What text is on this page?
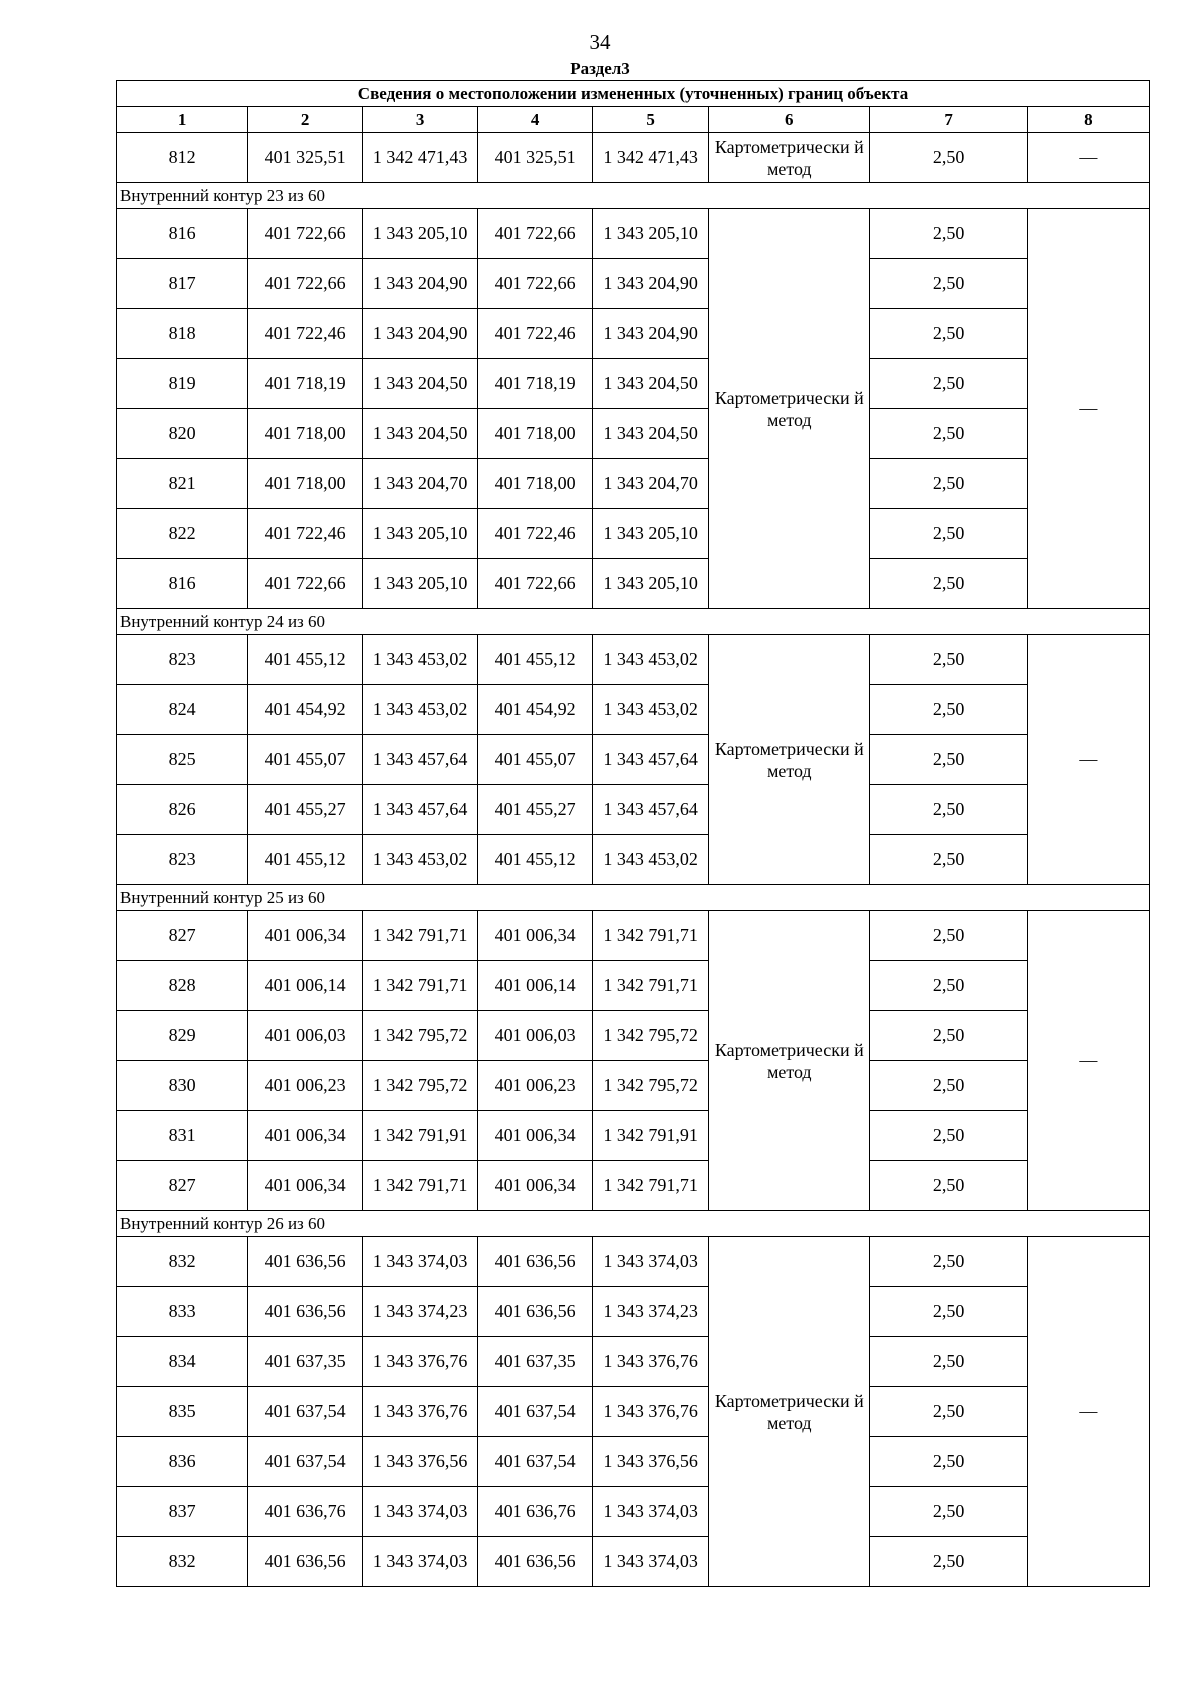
34
Раздел3
Сведения о местоположении измененных (уточненных) границ объекта							
1	2	3	4	5	6	7	8
812	401 325,51	1 342 471,43	401 325,51	1 342 471,43	Картометрически й метод	2,50	—
Внутренний контур 23 из 60							
816	401 722,66	1 343 205,10	401 722,66	1 343 205,10	Картометрически й метод	2,50	—
817	401 722,66	1 343 204,90	401 722,66	1 343 204,90		2,50	
818	401 722,46	1 343 204,90	401 722,46	1 343 204,90		2,50	
819	401 718,19	1 343 204,50	401 718,19	1 343 204,50		2,50	
820	401 718,00	1 343 204,50	401 718,00	1 343 204,50		2,50	
821	401 718,00	1 343 204,70	401 718,00	1 343 204,70		2,50	
822	401 722,46	1 343 205,10	401 722,46	1 343 205,10		2,50	
816	401 722,66	1 343 205,10	401 722,66	1 343 205,10		2,50	
Внутренний контур 24 из 60							
823	401 455,12	1 343 453,02	401 455,12	1 343 453,02	Картометрически й метод	2,50	—
824	401 454,92	1 343 453,02	401 454,92	1 343 453,02		2,50	
825	401 455,07	1 343 457,64	401 455,07	1 343 457,64		2,50	
826	401 455,27	1 343 457,64	401 455,27	1 343 457,64		2,50	
823	401 455,12	1 343 453,02	401 455,12	1 343 453,02		2,50	
Внутренний контур 25 из 60							
827	401 006,34	1 342 791,71	401 006,34	1 342 791,71	Картометрически й метод	2,50	—
828	401 006,14	1 342 791,71	401 006,14	1 342 791,71		2,50	
829	401 006,03	1 342 795,72	401 006,03	1 342 795,72		2,50	
830	401 006,23	1 342 795,72	401 006,23	1 342 795,72		2,50	
831	401 006,34	1 342 791,91	401 006,34	1 342 791,91		2,50	
827	401 006,34	1 342 791,71	401 006,34	1 342 791,71		2,50	
Внутренний контур 26 из 60							
832	401 636,56	1 343 374,03	401 636,56	1 343 374,03	Картометрически й метод	2,50	—
833	401 636,56	1 343 374,23	401 636,56	1 343 374,23		2,50	
834	401 637,35	1 343 376,76	401 637,35	1 343 376,76		2,50	
835	401 637,54	1 343 376,76	401 637,54	1 343 376,76		2,50	
836	401 637,54	1 343 376,56	401 637,54	1 343 376,56		2,50	
837	401 636,76	1 343 374,03	401 636,76	1 343 374,03		2,50	
832	401 636,56	1 343 374,03	401 636,56	1 343 374,03		2,50	
